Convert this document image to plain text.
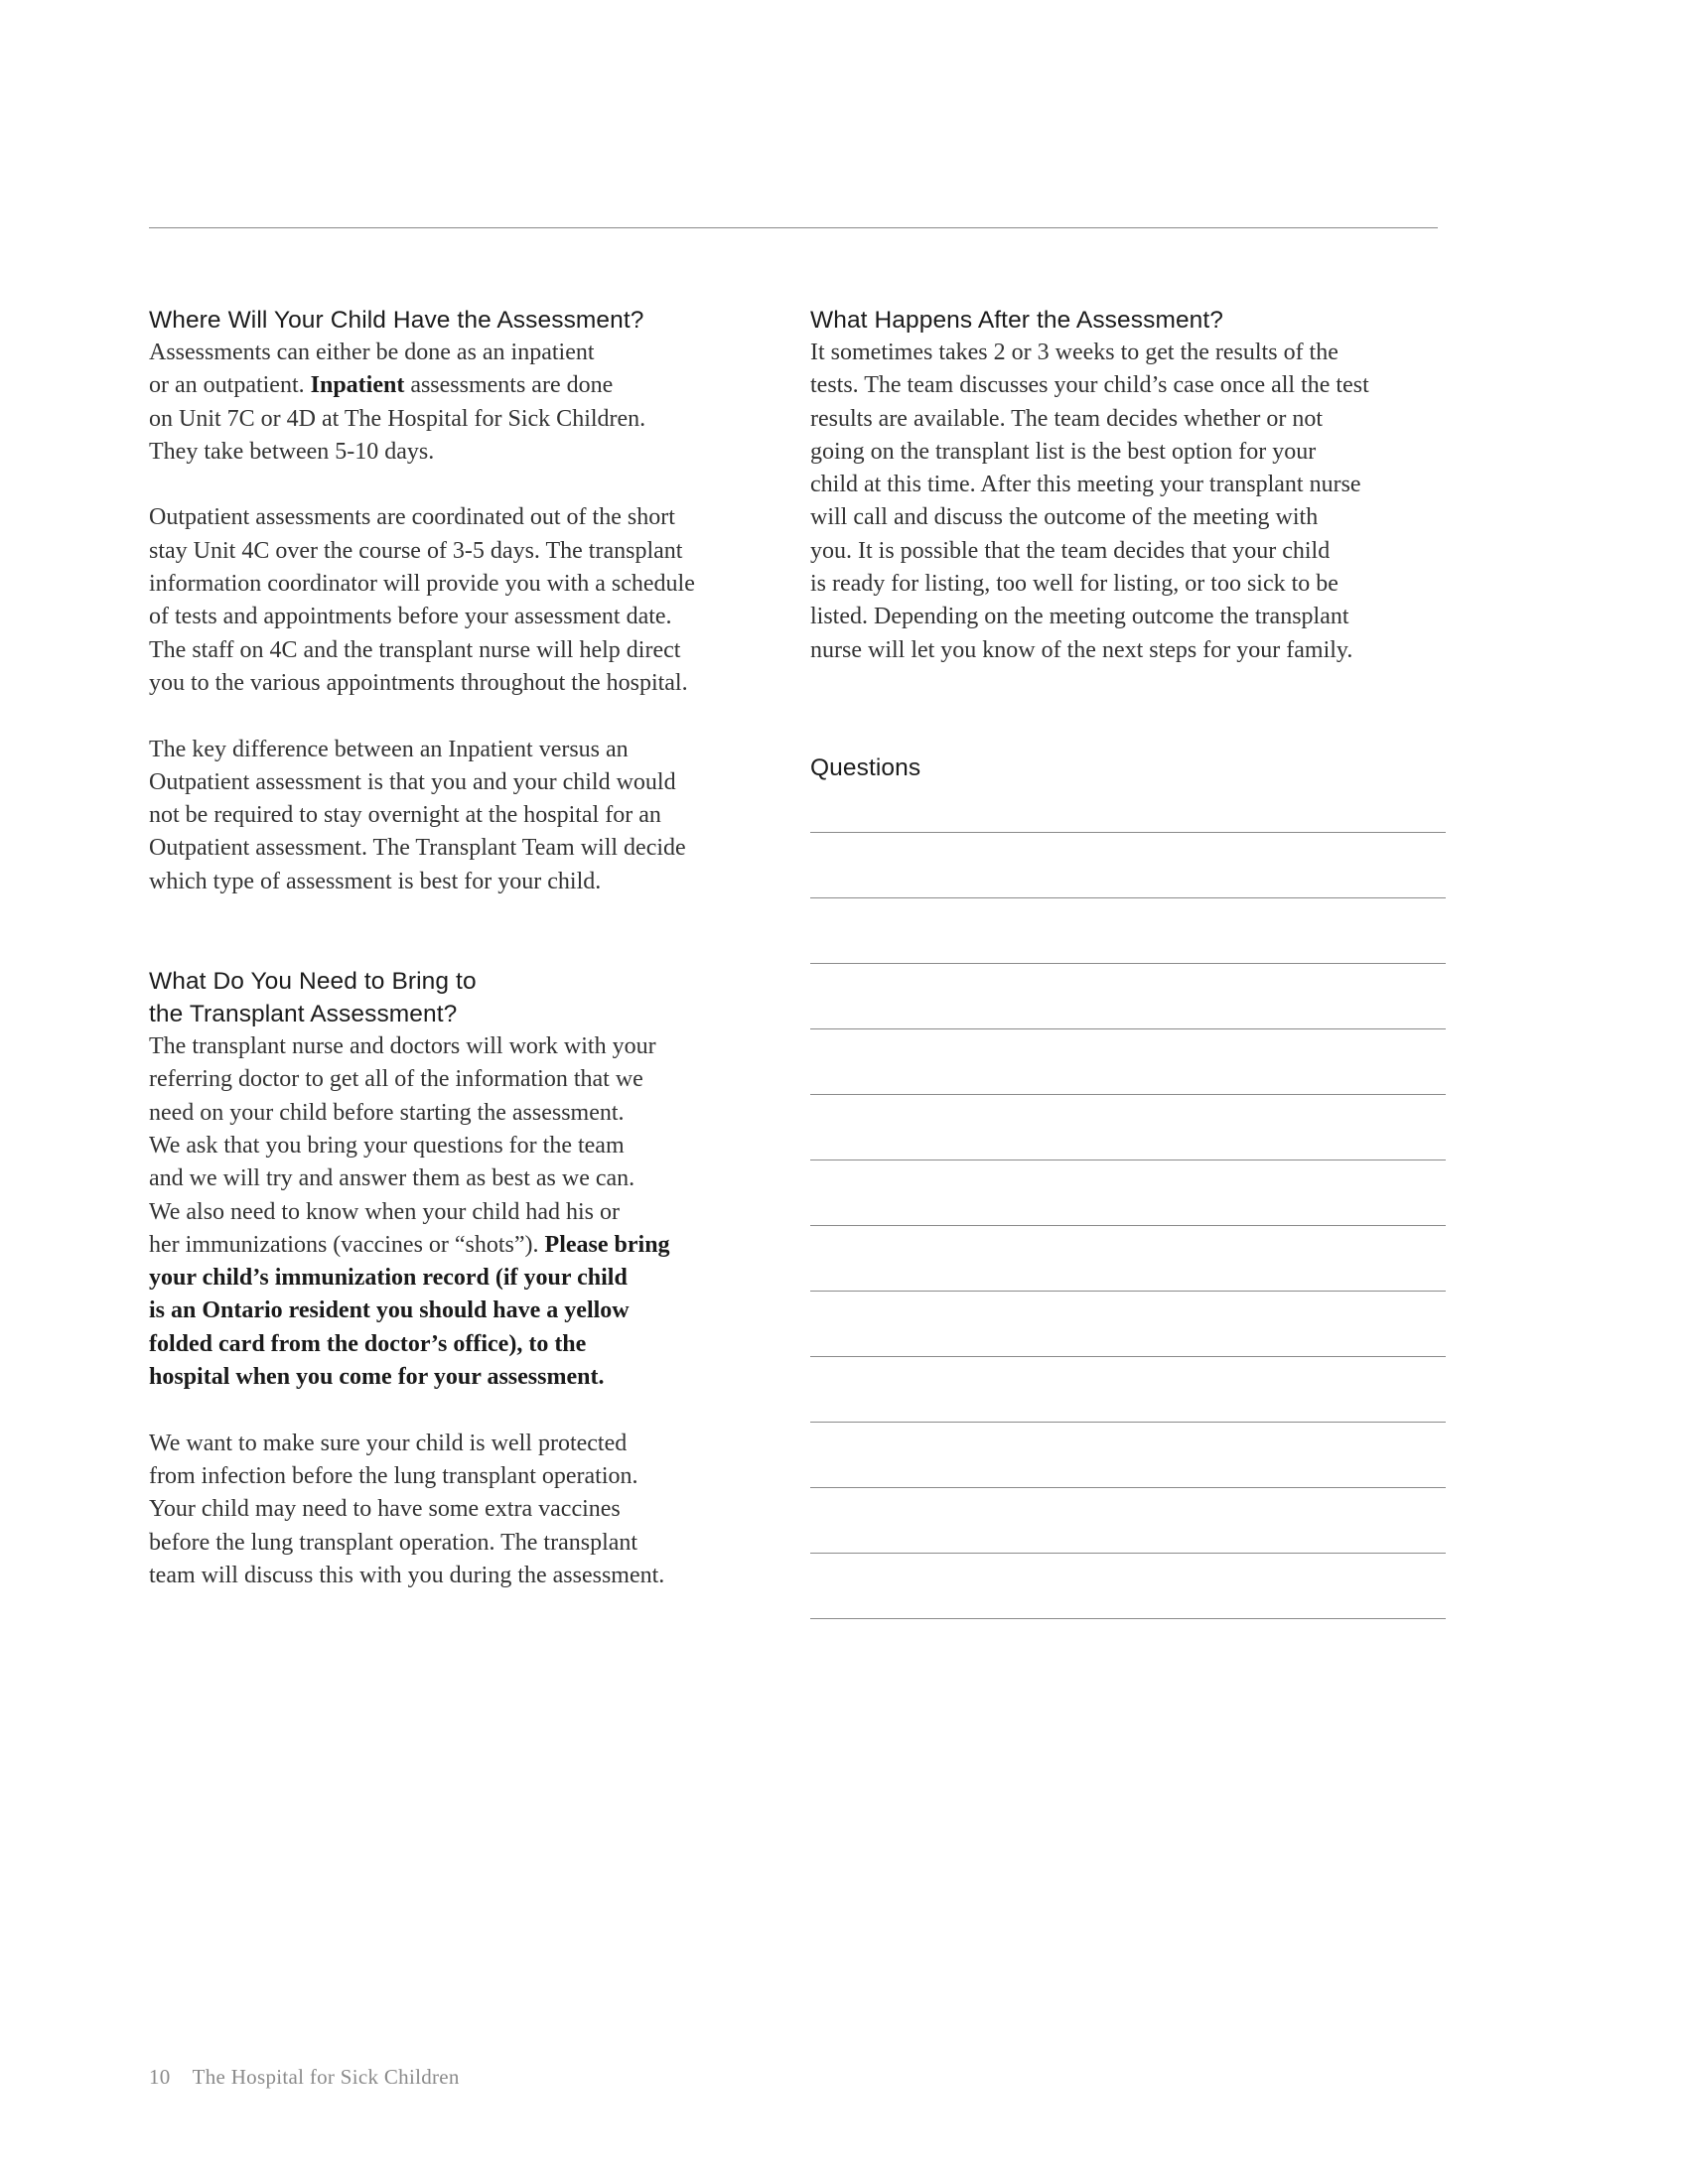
Where Will Your Child Have the Assessment?

Assessments can either be done as an inpatient
or an outpatient. Inpatient assessments are done
on Unit 7C or 4D at The Hospital for Sick Children.
They take between 5-10 days.

Outpatient assessments are coordinated out of the short
stay Unit 4C over the course of 3-5 days. The transplant
information coordinator will provide you with a schedule
of tests and appointments before your assessment date.
The staff on 4C and the transplant nurse will help direct
you to the various appointments throughout the hospital.

The key difference between an Inpatient versus an
Outpatient assessment is that you and your child would
not be required to stay overnight at the hospital for an
Outpatient assessment. The Transplant Team will decide
which type of assessment is best for your child.

What Do You Need to Bring to
the Transplant Assessment?

The transplant nurse and doctors will work with your
referring doctor to get all of the information that we
need on your child before starting the assessment.
We ask that you bring your questions for the team
and we will try and answer them as best as we can.
We also need to know when your child had his or
her immunizations (vaccines or “shots”). Please bring
your child’s immunization record (if your child
is an Ontario resident you should have a yellow
folded card from the doctor’s office), to the
hospital when you come for your assessment.

We want to make sure your child is well protected
from infection before the lung transplant operation.
Your child may need to have some extra vaccines
before the lung transplant operation. The transplant
team will discuss this with you during the assessment.

What Happens After the Assessment?

It sometimes takes 2 or 3 weeks to get the results of the
tests. The team discusses your child’s case once all the test
results are available. The team decides whether or not
going on the transplant list is the best option for your
child at this time. After this meeting your transplant nurse
will call and discuss the outcome of the meeting with
you. It is possible that the team decides that your child
is ready for listing, too well for listing, or too sick to be
listed. Depending on the meeting outcome the transplant
nurse will let you know of the next steps for your family.

Questions
10 The Hospital for Sick Children
